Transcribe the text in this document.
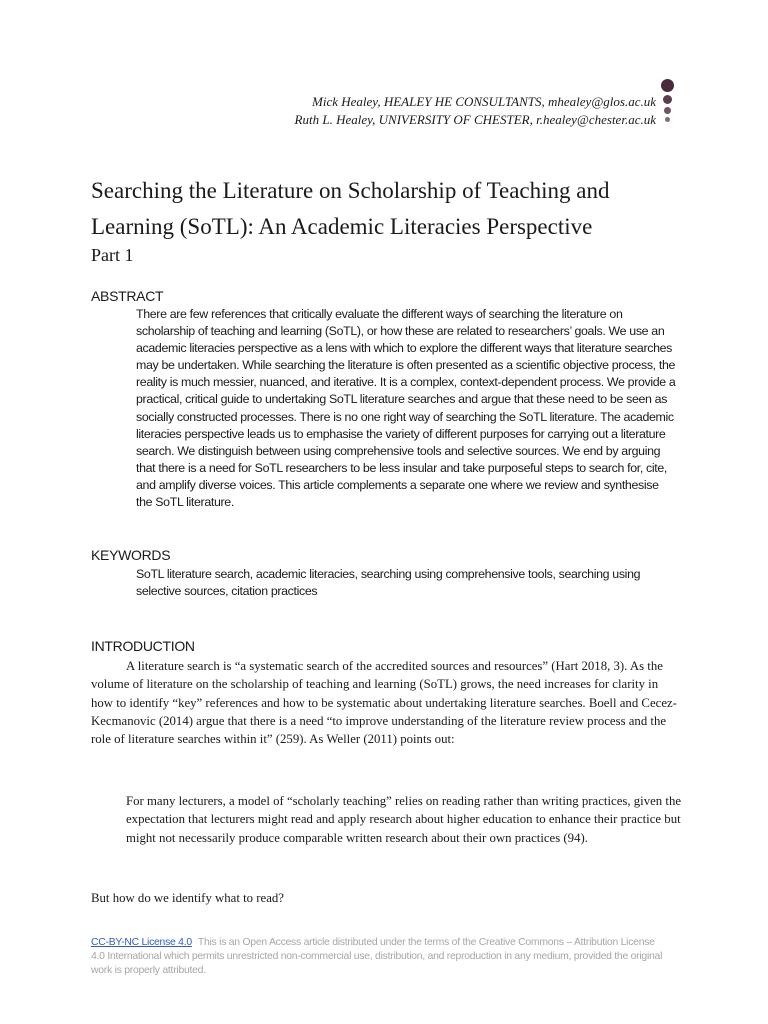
Mick Healey, HEALEY HE CONSULTANTS, mhealey@glos.ac.uk
Ruth L. Healey, UNIVERSITY OF CHESTER, r.healey@chester.ac.uk
Searching the Literature on Scholarship of Teaching and
Learning (SoTL): An Academic Literacies Perspective
Part 1
ABSTRACT

There are few references that critically evaluate the different ways of searching the literature on scholarship of teaching and learning (SoTL), or how these are related to researchers’ goals. We use an academic literacies perspective as a lens with which to explore the different ways that literature searches may be undertaken. While searching the literature is often presented as a scientific objective process, the reality is much messier, nuanced, and iterative. It is a complex, context-dependent process. We provide a practical, critical guide to undertaking SoTL literature searches and argue that these need to be seen as socially constructed processes. There is no one right way of searching the SoTL literature. The academic literacies perspective leads us to emphasise the variety of different purposes for carrying out a literature search. We distinguish between using comprehensive tools and selective sources. We end by arguing that there is a need for SoTL researchers to be less insular and take purposeful steps to search for, cite, and amplify diverse voices. This article complements a separate one where we review and synthesise the SoTL literature.

KEYWORDS

SoTL literature search, academic literacies, searching using comprehensive tools, searching using selective sources, citation practices

INTRODUCTION

A literature search is “a systematic search of the accredited sources and resources” (Hart 2018, 3). As the volume of literature on the scholarship of teaching and learning (SoTL) grows, the need increases for clarity in how to identify “key” references and how to be systematic about undertaking literature searches. Boell and Cecez-Kecmanovic (2014) argue that there is a need “to improve understanding of the literature review process and the role of literature searches within it” (259). As Weller (2011) points out:

For many lecturers, a model of “scholarly teaching” relies on reading rather than writing practices, given the expectation that lecturers might read and apply research about higher education to enhance their practice but might not necessarily produce comparable written research about their own practices (94).

But how do we identify what to read?

CC-BY-NC License 4.0 This is an Open Access article distributed under the terms of the Creative Commons – Attribution License 4.0 International which permits unrestricted non-commercial use, distribution, and reproduction in any medium, provided the original work is properly attributed.
